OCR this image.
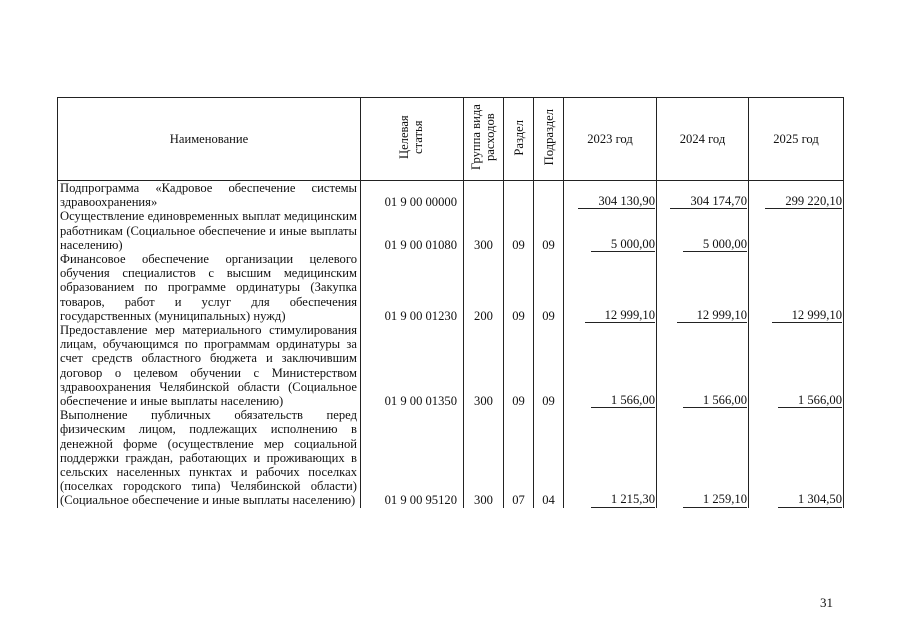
Наименование	Целевая статья	Группа вида расходов	Раздел	Подраздел	2023 год	2024 год	2025 год
Подпрограмма «Кадровое обеспечение системы здравоохранения»	01 9 00 00000				304 130,90	304 174,70	299 220,10
Осуществление единовременных выплат медицинским работникам (Социальное обеспечение и иные выплаты населению)	01 9 00 01080	300	09	09	5 000,00	5 000,00	
Финансовое обеспечение организации целевого обучения специалистов с высшим медицинским образованием по программе ординатуры (Закупка товаров, работ и услуг для обеспечения государственных (муниципальных) нужд)	01 9 00 01230	200	09	09	12 999,10	12 999,10	12 999,10
Предоставление мер материального стимулирования лицам, обучающимся по программам ординатуры за счет средств областного бюджета и заключившим договор о целевом обучении с Министерством здравоохранения Челябинской области (Социальное обеспечение и иные выплаты населению)	01 9 00 01350	300	09	09	1 566,00	1 566,00	1 566,00
Выполнение публичных обязательств перед физическим лицом, подлежащих исполнению в денежной форме (осуществление мер социальной поддержки граждан, работающих и проживающих в сельских населенных пунктах и рабочих поселках (поселках городского типа) Челябинской области) (Социальное обеспечение и иные выплаты населению)	01 9 00 95120	300	07	04	1 215,30	1 259,10	1 304,50
31
